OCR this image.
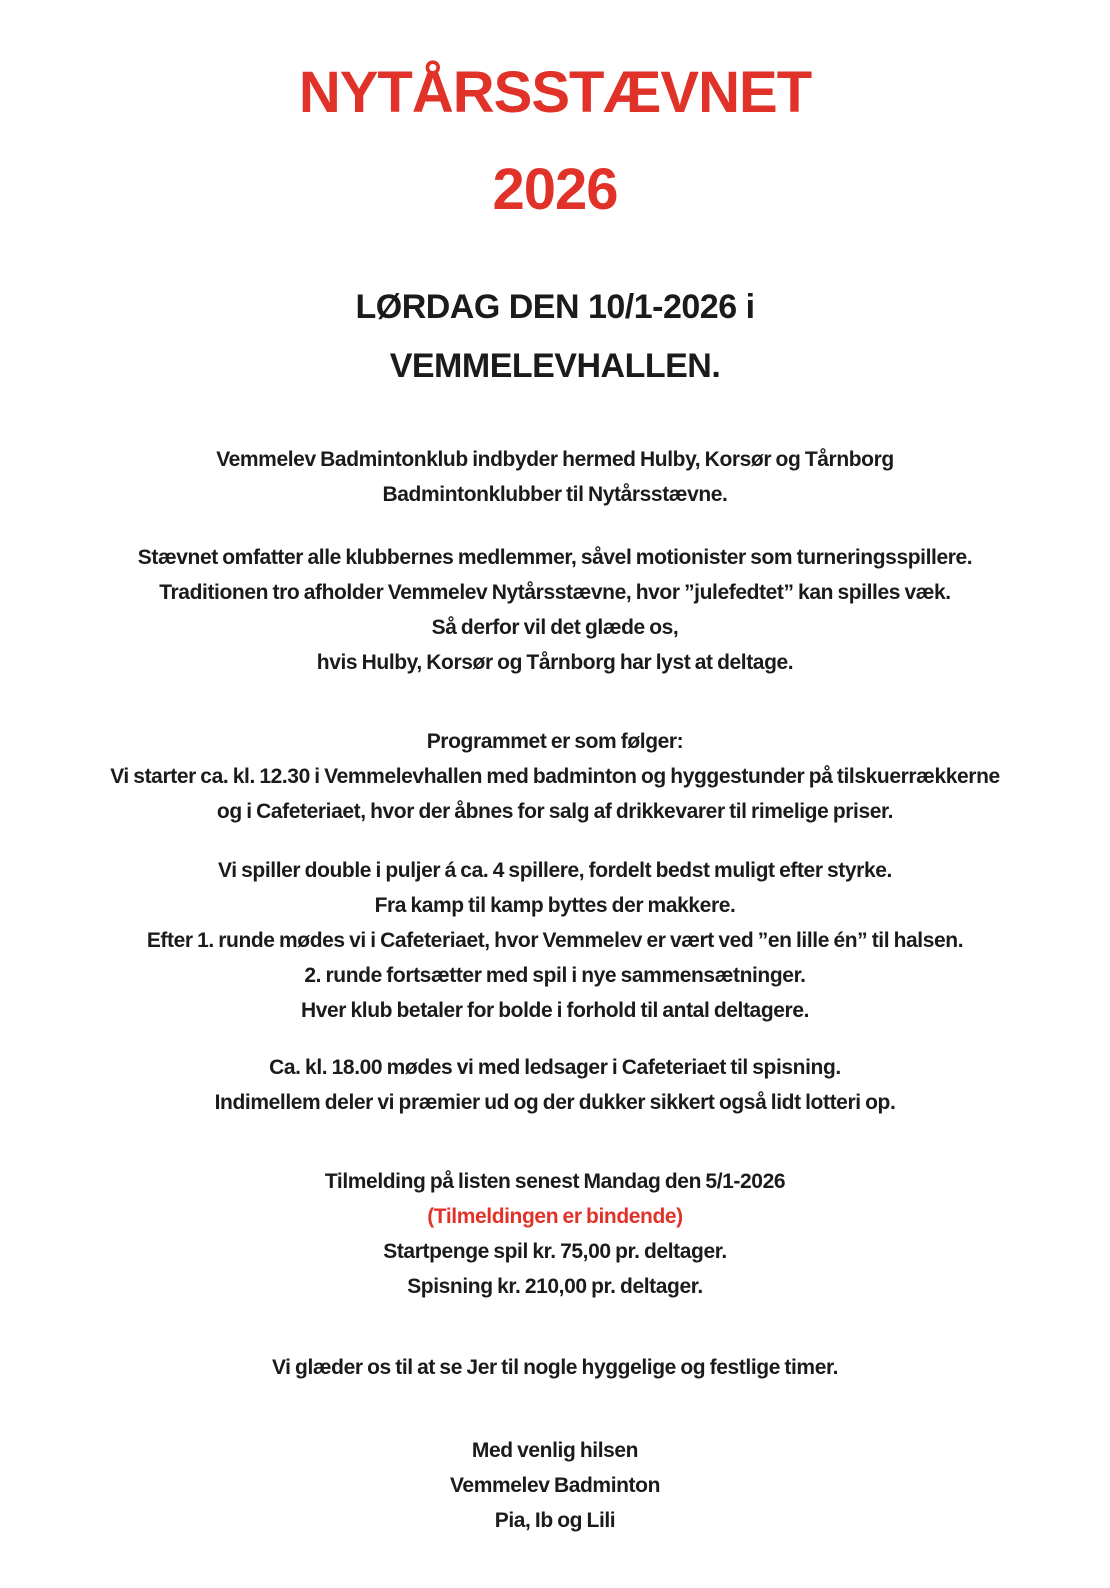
NYTÅRSSTÆVNET
2026
LØRDAG DEN 10/1-2026 i
VEMMELEVHALLEN.
Vemmelev Badmintonklub indbyder hermed Hulby, Korsør og Tårnborg
Badmintonklubber til Nytårsstævne.
Stævnet omfatter alle klubbernes medlemmer, såvel motionister som turneringsspillere.
Traditionen tro afholder Vemmelev Nytårsstævne, hvor ”julefedtet” kan spilles væk.
Så derfor vil det glæde os,
hvis Hulby, Korsør og Tårnborg har lyst at deltage.
Programmet er som følger:
Vi starter ca. kl. 12.30 i Vemmelevhallen med badminton og hyggestunder på tilskuerrækkerne
og i Cafeteriaet, hvor der åbnes for salg af drikkevarer til rimelige priser.
Vi spiller double i puljer á ca. 4 spillere, fordelt bedst muligt efter styrke.
Fra kamp til kamp byttes der makkere.
Efter 1. runde mødes vi i Cafeteriaet, hvor Vemmelev er vært ved ”en lille én” til halsen.
2. runde fortsætter med spil i nye sammensætninger.
Hver klub betaler for bolde i forhold til antal deltagere.
Ca. kl. 18.00 mødes vi med ledsager i Cafeteriaet til spisning.
Indimellem deler vi præmier ud og der dukker sikkert også lidt lotteri op.
Tilmelding på listen senest Mandag den 5/1-2026
(Tilmeldingen er bindende)
Startpenge spil kr. 75,00 pr. deltager.
Spisning kr. 210,00 pr. deltager.
Vi glæder os til at se Jer til nogle hyggelige og festlige timer.
Med venlig hilsen
Vemmelev Badminton
Pia, Ib og Lili
